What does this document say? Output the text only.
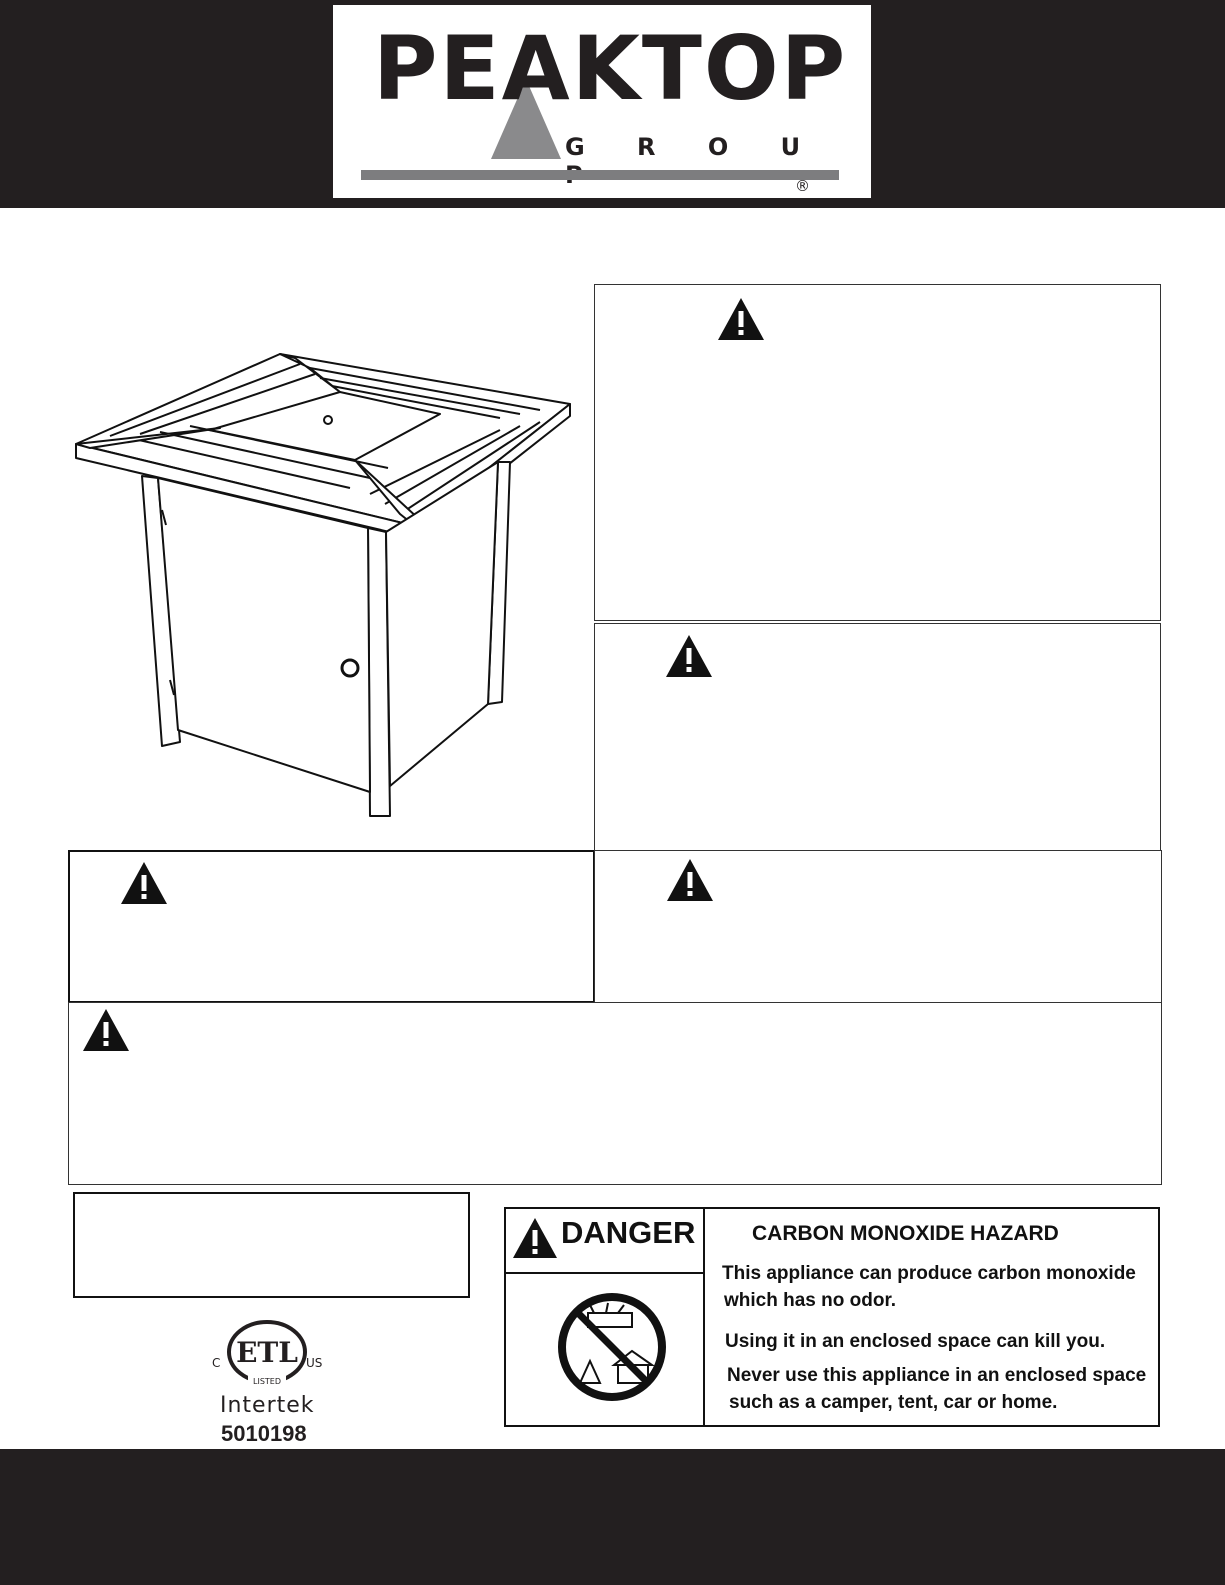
PEAKTOP
G R O U
®
ETL
C	US
LISTED
Intertek
5010198
DANGER	CARBON MONOXIDE HAZARD
This appliance can produce carbon monoxide
which has no odor.
Using it in an enclosed space can kill you.
Never use this appliance in an enclosed space
such as a camper, tent, car or home.
